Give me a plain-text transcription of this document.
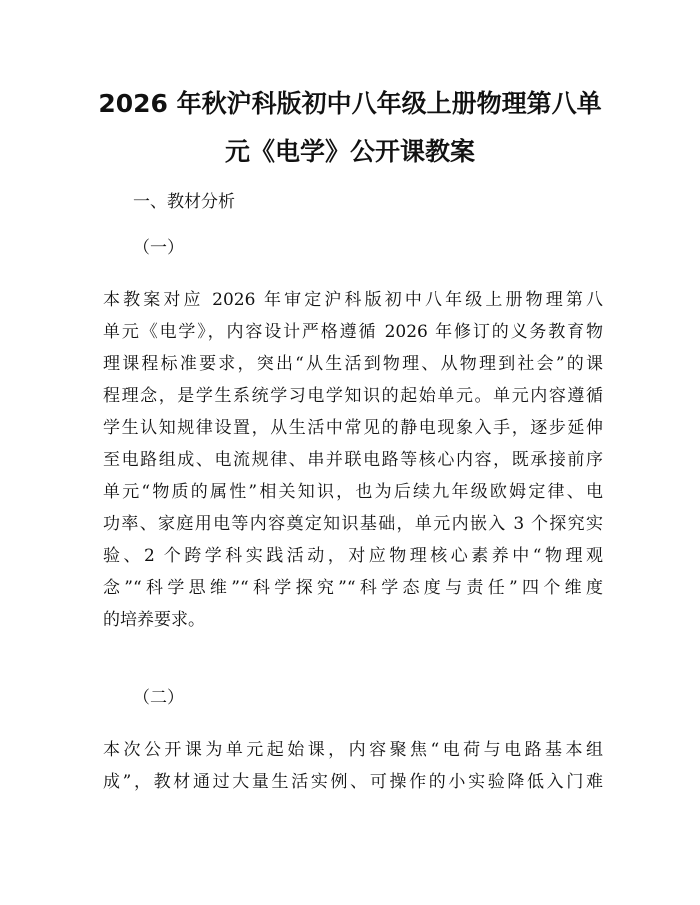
2026 年秋沪科版初中八年级上册物理第八单
元《电学》公开课教案

一、教材分析

（一）

本教案对应 2026 年审定沪科版初中八年级上册物理第八
单元《电学》，内容设计严格遵循 2026 年修订的义务教育物
理课程标准要求，突出“从生活到物理、从物理到社会”的课
程理念，是学生系统学习电学知识的起始单元。单元内容遵循
学生认知规律设置，从生活中常见的静电现象入手，逐步延伸
至电路组成、电流规律、串并联电路等核心内容，既承接前序
单元“物质的属性”相关知识，也为后续九年级欧姆定律、电
功率、家庭用电等内容奠定知识基础，单元内嵌入 3 个探究实
验、2 个跨学科实践活动，对应物理核心素养中“物理观
念”“科学思维”“科学探究”“科学态度与责任”四个维度
的培养要求。

（二）

本次公开课为单元起始课，内容聚焦“电荷与电路基本组
成”，教材通过大量生活实例、可操作的小实验降低入门难
